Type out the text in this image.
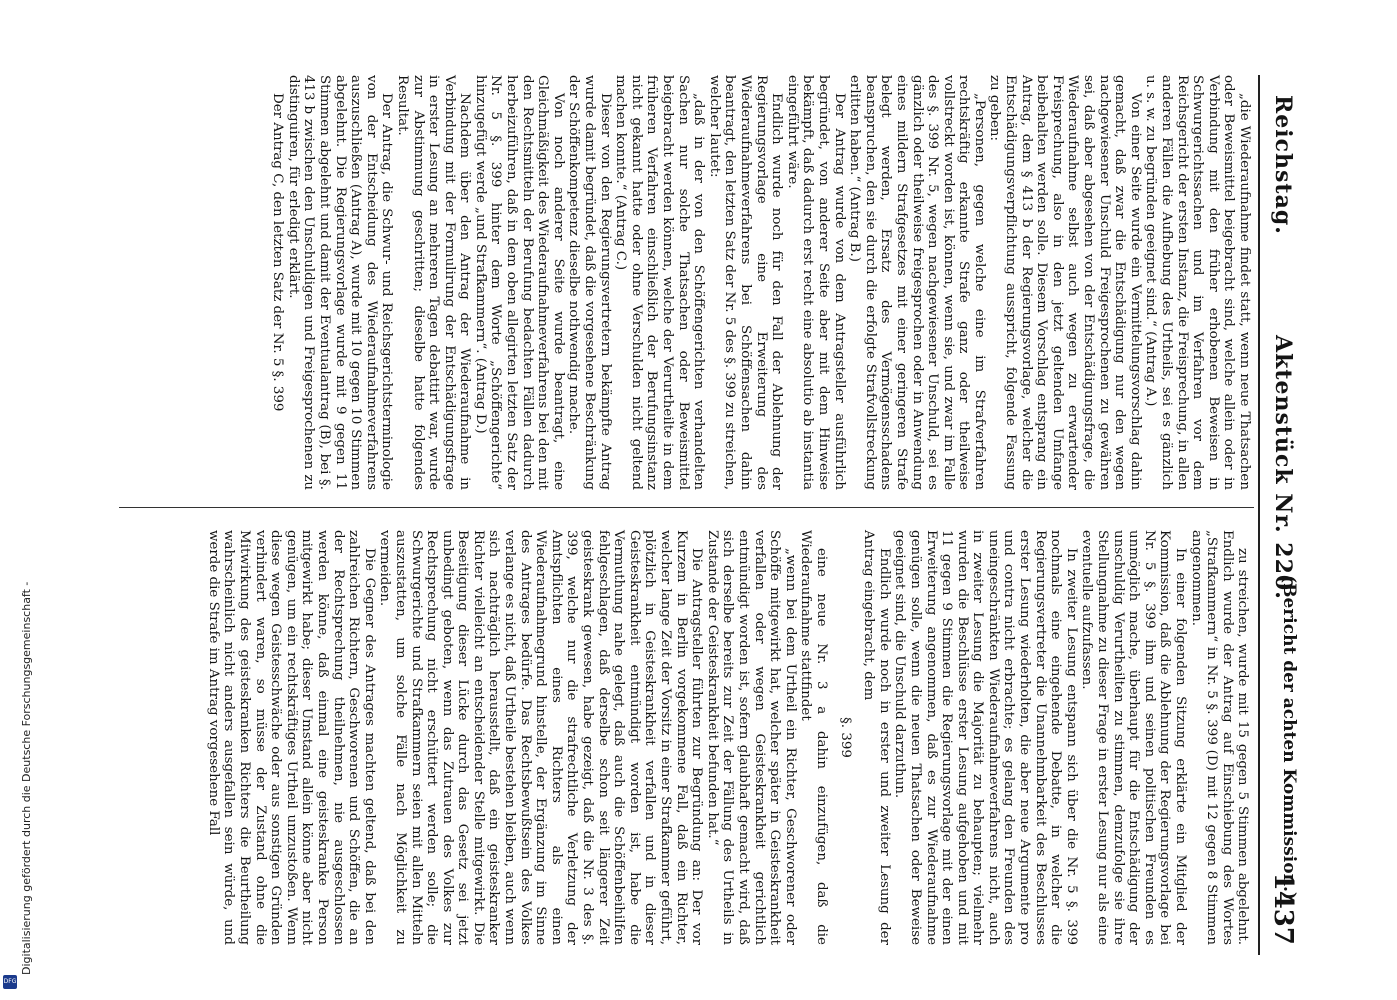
DFG
Digitalisierung gefördert durch die Deutsche Forschungsgemeinschaft -
Reichstag.
Aktenstück Nr. 220.
1437

„die Wiederaufnahme findet statt, wenn neue Thatsachen oder Beweismittel beigebracht sind, welche allein oder in Verbindung mit den früher erhobenen Beweisen in Schwurgerichtssachen und im Verfahren vor dem Reichsgericht der ersten Instanz, die Freisprechung, in allen anderen Fällen die Aufhebung des Urtheils, sei es gänzlich u. s. w. zu begründen geeignet sind.“ (Antrag A.)

Von einer Seite wurde ein Vermittelungsvorschlag dahin gemacht, daß zwar die Entschädigung nur den wegen nachgewiesener Unschuld Freigesprochenen zu gewähren sei, daß aber abgesehen von der Entschädigungsfrage, die Wiederaufnahme selbst auch wegen zu erwartender Freisprechung, also in den jetzt geltenden Umfange beibehalten werden solle. Diesem Vorschlag entsprang ein Antrag, dem § 413 b der Regierungsvorlage, welcher die Entschädigungsverpflichtung ausspricht, folgende Fassung zu geben:

„Personen, gegen welche eine im Strafverfahren rechtskräftig erkannte Strafe ganz oder theilweise vollstreckt worden ist, können, wenn sie, und zwar im Falle des §. 399 Nr. 5, wegen nachgewiesener Unschuld, sei es gänzlich oder theilweise freigesprochen oder in Anwendung eines mildern Strafgesetzes mit einer geringeren Strafe belegt werden, Ersatz des Vermögensschadens beanspruchen, den sie durch die erfolgte Strafvollstreckung erlitten haben.“ (Antrag B.)

Der Antrag wurde von dem Antragsteller ausführlich begründet, von anderer Seite aber mit dem Hinweise bekämpft, daß dadurch erst recht eine absolutio ab instantia eingeführt wäre.

Endlich wurde noch für den Fall der Ablehnung der Regierungsvorlage eine Erweiterung des Wiederaufnahmeverfahrens bei Schöffensachen dahin beantragt, den letzten Satz der Nr. 5 des §. 399 zu streichen, welcher lautet:

„daß in der von den Schöffengerichten verhandelten Sachen nur solche Thatsachen oder Beweismittel beigebracht werden können, welche der Verurtheilte in dem früheren Verfahren einschließlich der Berufungsinstanz nicht gekannt hatte oder ohne Verschulden nicht geltend machen konnte.“ (Antrag C.)

Dieser von den Regierungsvertretern bekämpfte Antrag wurde damit begründet, daß die vorgesehene Beschränkung der Schöffenkompetenz dieselbe nothwendig mache.

Von noch anderer Seite wurde beantragt, eine Gleichmäßigkeit des Wiederaufnahmeverfahrens bei den mit den Rechtsmitteln der Berufung bedachten Fällen dadurch herbeizuführen, daß in dem oben allegirten letzten Satz der Nr. 5 §. 399 hinter dem Worte „Schöffengerichte“ hinzugefügt werde „und Strafkammern“. (Antrag D.)

Nachdem über den Antrag der Wiederaufnahme in Verbindung mit der Formulirung der Entschädigungsfrage in erster Lesung an mehreren Tagen debattirt war, wurde zur Abstimmung geschritten; dieselbe hatte folgendes Resultat.

Der Antrag, die Schwur- und Reichsgerichtsterminologie von der Entscheidung des Wiederaufnahmeverfahrens auszuschließen (Antrag A), wurde mit 10 gegen 10 Stimmen abgelehnt. Die Regierungsvorlage wurde mit 9 gegen 11 Stimmen abgelehnt und damit der Eventualantrag (B), bei §. 413 b zwischen den Unschuldigen und Freigesprochenen zu distinguiren, für erledigt erklärt.

Der Antrag C, den letzten Satz der Nr. 5 §. 399

(Bericht der achten Kommission.)

zu streichen, wurde mit 15 gegen 5 Stimmen abgelehnt. Endlich wurde der Antrag auf Einschiebung des Wortes „Strafkammern“ in Nr. 5 §. 399 (D) mit 12 gegen 8 Stimmen angenommen.

In einer folgenden Sitzung erklärte ein Mitglied der Kommission, daß die Ablehnung der Regierungsvorlage bei Nr. 5 §. 399 ihm und seinen politischen Freunden es unmöglich mache, überhaupt für die Entschädigung der unschuldig Verurtheilten zu stimmen, demzufolge sie ihre Stellungnahme zu dieser Frage in erster Lesung nur als eine eventuelle aufzufassen.

In zweiter Lesung entspann sich über die Nr. 5 §. 399 nochmals eine eingehende Debatte, in welcher die Regierungsvertreter die Unannehmbarkeit des Beschlusses erster Lesung wiederholten, die aber neue Argumente pro und contra nicht erbrachte; es gelang den Freunden des uneingeschränkten Wiederaufnahmeverfahrens nicht, auch in zweiter Lesung die Majorität zu behaupten; vielmehr wurden die Beschlüsse erster Lesung aufgehoben und mit 11 gegen 9 Stimmen die Regierungsvorlage mit der einen Erweiterung angenommen, daß es zur Wiederaufnahme genügen solle, wenn die neuen Thatsachen oder Beweise geeignet sind, die Unschuld darzuthun.

Endlich wurde noch in erster und zweiter Lesung der Antrag eingebracht, dem

§. 399

eine neue Nr. 3 a dahin einzufügen, daß die Wiederaufnahme stattfindet

„wenn bei dem Urtheil ein Richter, Geschworener oder Schöffe mitgewirkt hat, welcher später in Geisteskrankheit verfallen oder wegen Geisteskrankheit gerichtlich entmündigt worden ist, sofern glaubhaft gemacht wird, daß sich derselbe bereits zur Zeit der Fällung des Urtheils in Zustande der Geisteskrankheit befunden hat.“

Die Antragsteller führten zur Begründung an: Der vor Kurzem in Berlin vorgekommene Fall, daß ein Richter, welcher lange Zeit der Vorsitz in einer Strafkammer geführt, plötzlich in Geisteskrankheit verfallen und in dieser Geisteskrankheit entmündigt worden ist, habe die Vermuthung nahe gelegt, daß auch die Schöffenbeihilfen fehlgeschlagen, daß derselbe schon seit längerer Zeit geisteskrank gewesen, habe gezeigt, daß die Nr. 3 des §. 399, welche nur die strafrechtliche Verletzung der Amtspflichten eines Richters als einen Wiederaufnahmegrund hinstelle, der Ergänzung im Sinne des Antrages bedürfe. Das Rechtsbewußtsein des Volkes verlange es nicht, daß Urtheile bestehen bleiben, auch wenn sich nachträglich herausstellt, daß ein geisteskranker Richter vielleicht an entscheidender Stelle mitgewirkt. Die Beseitigung dieser Lücke durch das Gesetz sei jetzt unbedingt geboten, wenn das Zutrauen des Volkes zur Rechtsprechung nicht erschüttert werden solle; die Schwurgerichte und Strafkammern seien mit allen Mitteln auszustatten, um solche Fälle nach Möglichkeit zu vermeiden.

Die Gegner des Antrages machten geltend, daß bei den zahlreichen Richtern, Geschworenen und Schöffen, die an der Rechtsprechung theilnehmen, nie ausgeschlossen werden könne, daß einmal eine geisteskranke Person mitgewirkt habe; dieser Umstand allein könne aber nicht genügen, um ein rechtskräftiges Urtheil umzustoßen. Wenn diese wegen Geistesschwäche oder aus sonstigen Gründen verhindert waren, so müsse der Zustand ohne die Mitwirkung des geisteskranken Richters die Beurtheilung wahrscheinlich nicht anders ausgefallen sein würde, und werde die Strafe im Antrag vorgesehene Fall
